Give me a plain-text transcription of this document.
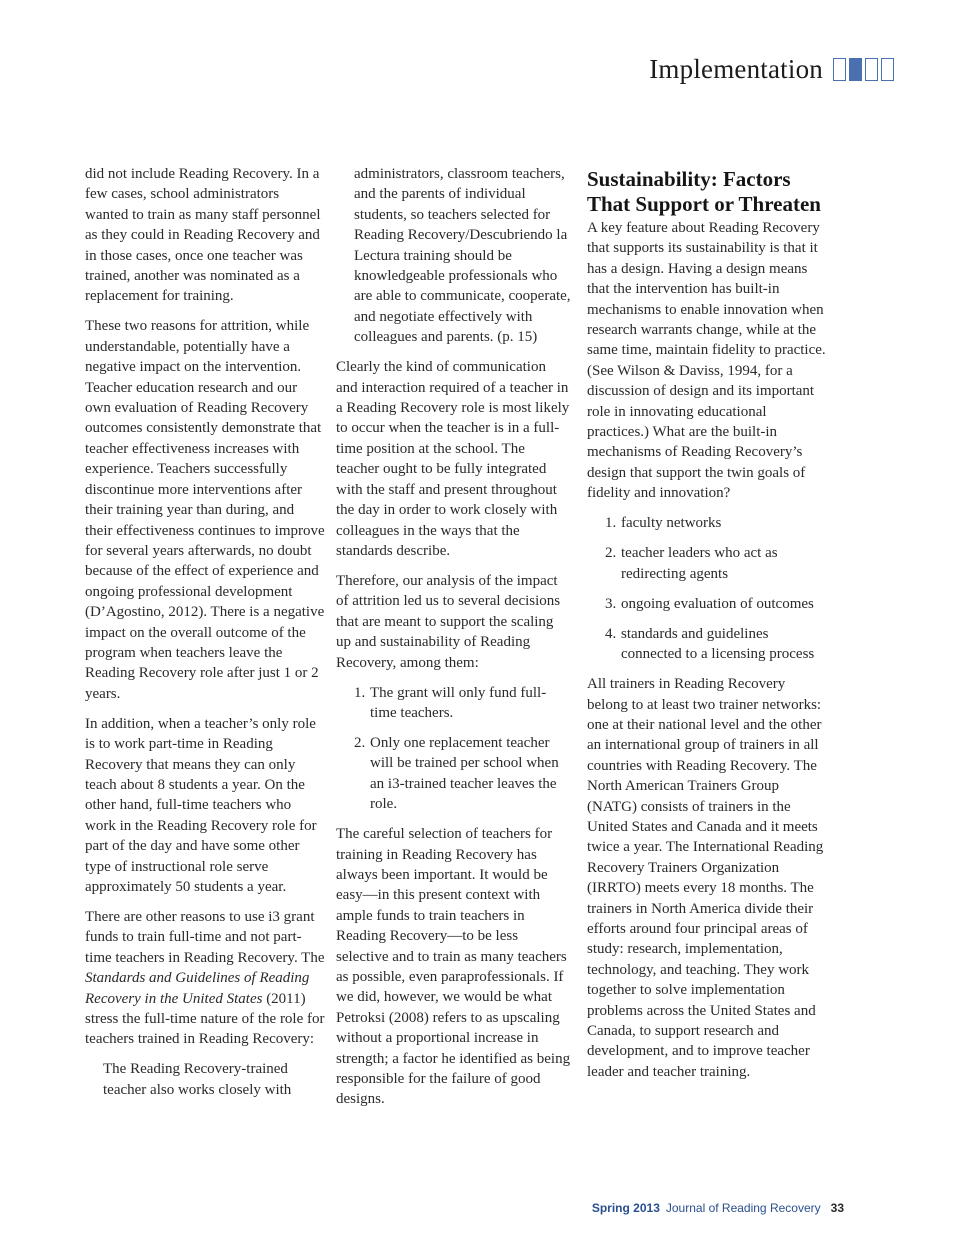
Implementation

did not include Reading Recovery. In a few cases, school administrators wanted to train as many staff personnel as they could in Reading Recovery and in those cases, once one teacher was trained, another was nominated as a replacement for training.

These two reasons for attrition, while understandable, potentially have a negative impact on the intervention. Teacher education research and our own evaluation of Reading Recovery outcomes consistently demonstrate that teacher effectiveness increases with experience. Teachers successfully discontinue more interventions after their training year than during, and their effectiveness continues to improve for several years afterwards, no doubt because of the effect of experience and ongoing professional development (D’Agostino, 2012). There is a negative impact on the overall outcome of the program when teachers leave the Reading Recovery role after just 1 or 2 years.

In addition, when a teacher’s only role is to work part-time in Reading Recovery that means they can only teach about 8 students a year. On the other hand, full-time teachers who work in the Reading Recovery role for part of the day and have some other type of instructional role serve approximately 50 students a year.

There are other reasons to use i3 grant funds to train full-time and not part-time teachers in Reading Recovery. The Standards and Guidelines of Reading Recovery in the United States (2011) stress the full-time nature of the role for teachers trained in Reading Recovery:

The Reading Recovery-trained teacher also works closely with

administrators, classroom teachers, and the parents of individual students, so teachers selected for Reading Recovery/Descubriendo la Lectura training should be knowledgeable professionals who are able to communicate, cooperate, and negotiate effectively with colleagues and parents. (p. 15)

Clearly the kind of communication and interaction required of a teacher in a Reading Recovery role is most likely to occur when the teacher is in a full-time position at the school. The teacher ought to be fully integrated with the staff and present throughout the day in order to work closely with colleagues in the ways that the standards describe.

Therefore, our analysis of the impact of attrition led us to several decisions that are meant to support the scaling up and sustainability of Reading Recovery, among them:

1. The grant will only fund full-time teachers.
2. Only one replacement teacher will be trained per school when an i3-trained teacher leaves the role.

The careful selection of teachers for training in Reading Recovery has always been important. It would be easy—in this present context with ample funds to train teachers in Reading Recovery—to be less selective and to train as many teachers as possible, even paraprofessionals. If we did, however, we would be what Petroksi (2008) refers to as upscaling without a proportional increase in strength; a factor he identified as being responsible for the failure of good designs.

Sustainability: Factors That Support or Threaten

A key feature about Reading Recovery that supports its sustainability is that it has a design. Having a design means that the intervention has built-in mechanisms to enable innovation when research warrants change, while at the same time, maintain fidelity to practice. (See Wilson & Daviss, 1994, for a discussion of design and its important role in innovating educational practices.) What are the built-in mechanisms of Reading Recovery’s design that support the twin goals of fidelity and innovation?

1. faculty networks
2. teacher leaders who act as redirecting agents
3. ongoing evaluation of outcomes
4. standards and guidelines connected to a licensing process

All trainers in Reading Recovery belong to at least two trainer networks: one at their national level and the other an international group of trainers in all countries with Reading Recovery. The North American Trainers Group (NATG) consists of trainers in the United States and Canada and it meets twice a year. The International Reading Recovery Trainers Organization (IRRTO) meets every 18 months. The trainers in North America divide their efforts around four principal areas of study: research, implementation, technology, and teaching. They work together to solve implementation problems across the United States and Canada, to support research and development, and to improve teacher leader and teacher training.

Spring 2013 Journal of Reading Recovery 33
